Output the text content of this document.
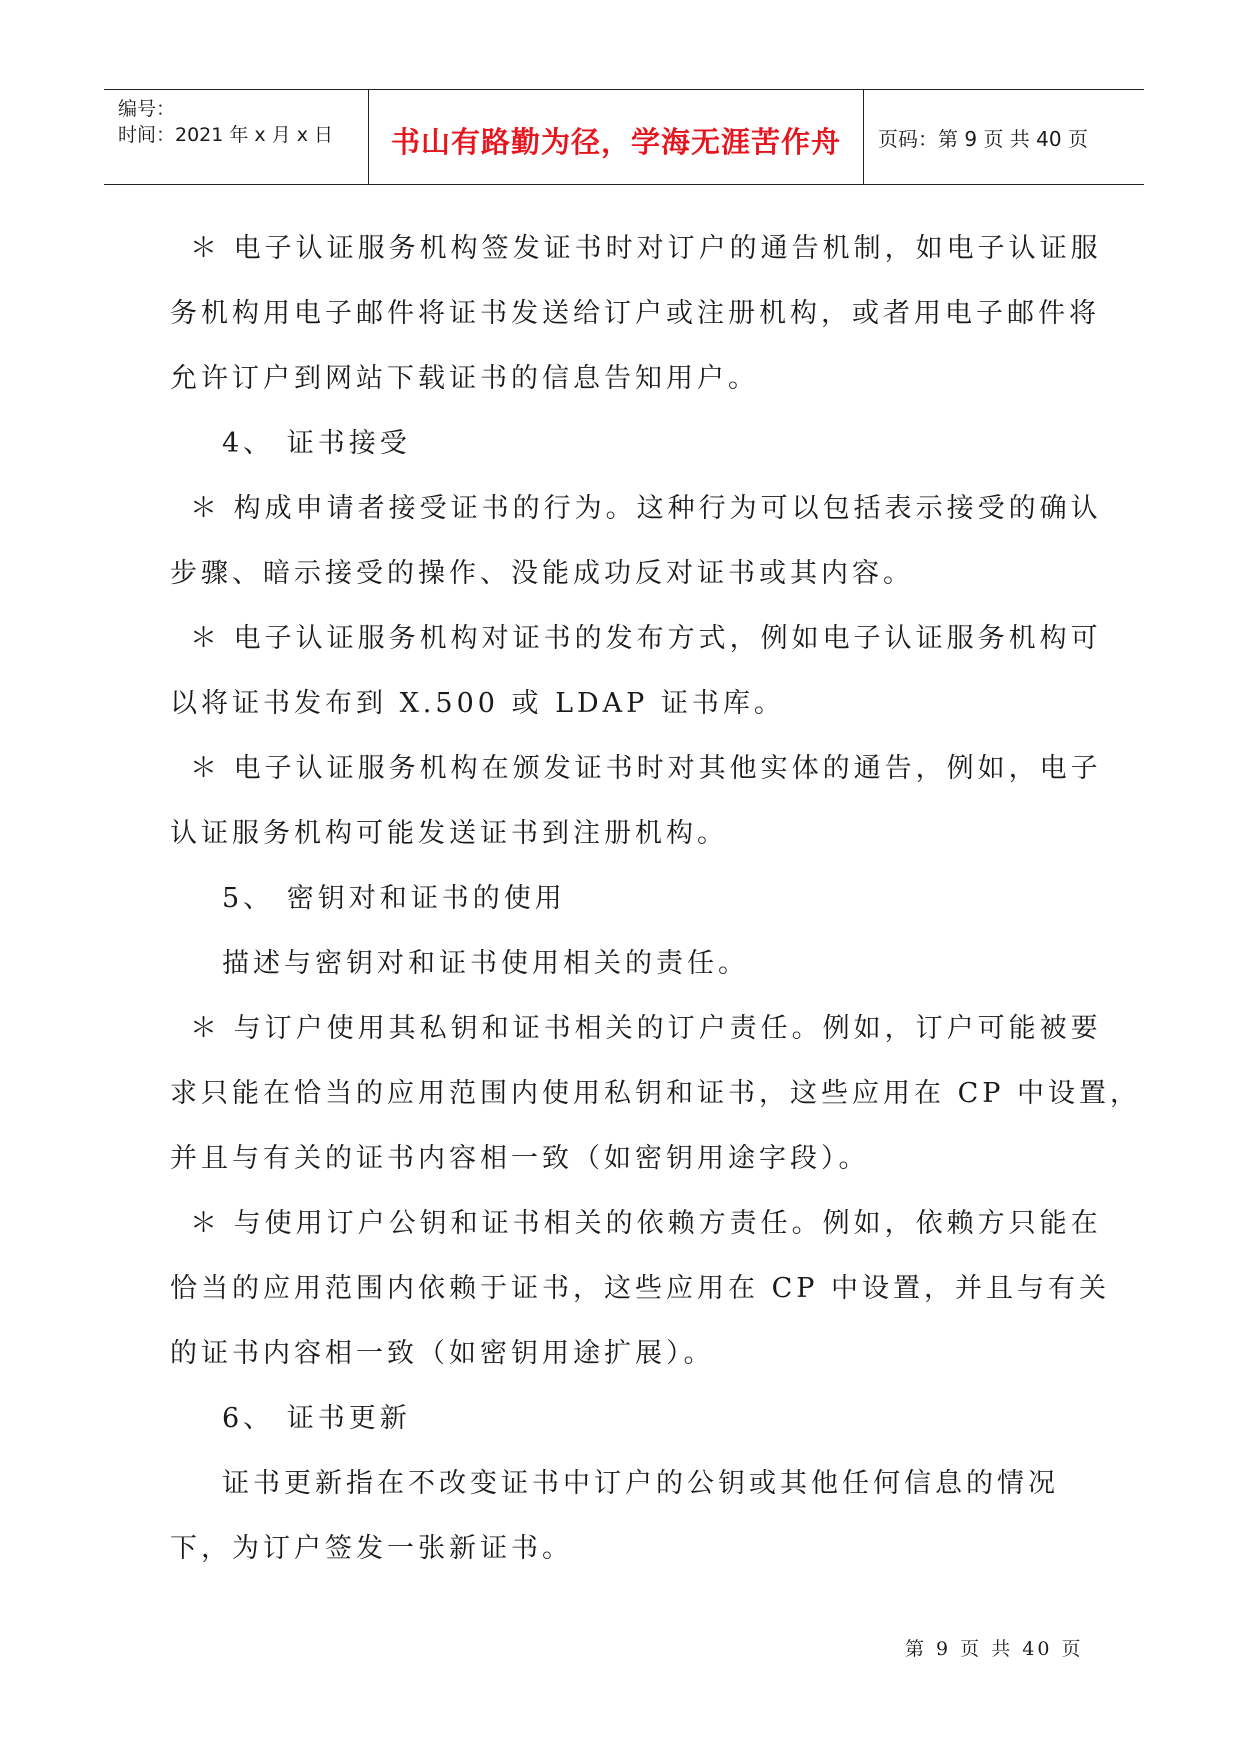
编号：
时间：2021 年 x 月 x 日	书山有路勤为径，学海无涯苦作舟	页码：第 9 页 共 40 页

＊ 电子认证服务机构签发证书时对订户的通告机制，如电子认证服

务机构用电子邮件将证书发送给订户或注册机构，或者用电子邮件将

允许订户到网站下载证书的信息告知用户。

4、 证书接受

＊ 构成申请者接受证书的行为。这种行为可以包括表示接受的确认

步骤、暗示接受的操作、没能成功反对证书或其内容。

＊ 电子认证服务机构对证书的发布方式，例如电子认证服务机构可

以将证书发布到 X.500 或 LDAP 证书库。

＊ 电子认证服务机构在颁发证书时对其他实体的通告，例如，电子

认证服务机构可能发送证书到注册机构。

5、 密钥对和证书的使用

描述与密钥对和证书使用相关的责任。

＊ 与订户使用其私钥和证书相关的订户责任。例如，订户可能被要

求只能在恰当的应用范围内使用私钥和证书，这些应用在 CP 中设置，

并且与有关的证书内容相一致（如密钥用途字段）。

＊ 与使用订户公钥和证书相关的依赖方责任。例如，依赖方只能在

恰当的应用范围内依赖于证书，这些应用在 CP 中设置，并且与有关

的证书内容相一致（如密钥用途扩展）。

6、 证书更新

证书更新指在不改变证书中订户的公钥或其他任何信息的情况

下，为订户签发一张新证书。

第 9 页 共 40 页
